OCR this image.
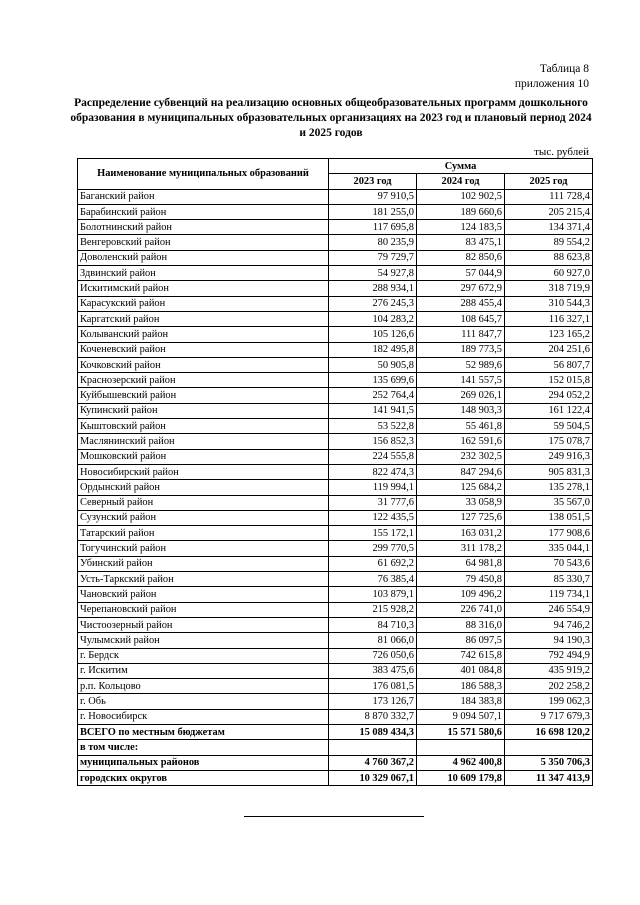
Таблица 8
приложения 10
Распределение субвенций на реализацию основных общеобразовательных программ дошкольного образования в муниципальных образовательных организациях на 2023 год и плановый период 2024 и 2025 годов
тыс. рублей
Наименование муниципальных образований	Сумма		
	2023 год	2024 год	2025 год
Баганский район	97 910,5	102 902,5	111 728,4
Барабинский район	181 255,0	189 660,6	205 215,4
Болотнинский район	117 695,8	124 183,5	134 371,4
Венгеровский район	80 235,9	83 475,1	89 554,2
Доволенский район	79 729,7	82 850,6	88 623,8
Здвинский район	54 927,8	57 044,9	60 927,0
Искитимский район	288 934,1	297 672,9	318 719,9
Карасукский район	276 245,3	288 455,4	310 544,3
Каргатский район	104 283,2	108 645,7	116 327,1
Колыванский район	105 126,6	111 847,7	123 165,2
Коченевский район	182 495,8	189 773,5	204 251,6
Кочковский район	50 905,8	52 989,6	56 807,7
Краснозерский район	135 699,6	141 557,5	152 015,8
Куйбышевский район	252 764,4	269 026,1	294 052,2
Купинский район	141 941,5	148 903,3	161 122,4
Кыштовский район	53 522,8	55 461,8	59 504,5
Маслянинский район	156 852,3	162 591,6	175 078,7
Мошковский район	224 555,8	232 302,5	249 916,3
Новосибирский район	822 474,3	847 294,6	905 831,3
Ордынский район	119 994,1	125 684,2	135 278,1
Северный район	31 777,6	33 058,9	35 567,0
Сузунский район	122 435,5	127 725,6	138 051,5
Татарский район	155 172,1	163 031,2	177 908,6
Тогучинский район	299 770,5	311 178,2	335 044,1
Убинский район	61 692,2	64 981,8	70 543,6
Усть-Таркский район	76 385,4	79 450,8	85 330,7
Чановский район	103 879,1	109 496,2	119 734,1
Черепановский район	215 928,2	226 741,0	246 554,9
Чистоозерный район	84 710,3	88 316,0	94 746,2
Чулымский район	81 066,0	86 097,5	94 190,3
г. Бердск	726 050,6	742 615,8	792 494,9
г. Искитим	383 475,6	401 084,8	435 919,2
р.п. Кольцово	176 081,5	186 588,3	202 258,2
г. Обь	173 126,7	184 383,8	199 062,3
г. Новосибирск	8 870 332,7	9 094 507,1	9 717 679,3
ВСЕГО по местным бюджетам	15 089 434,3	15 571 580,6	16 698 120,2
в том числе:			
муниципальных районов	4 760 367,2	4 962 400,8	5 350 706,3
городских округов	10 329 067,1	10 609 179,8	11 347 413,9
